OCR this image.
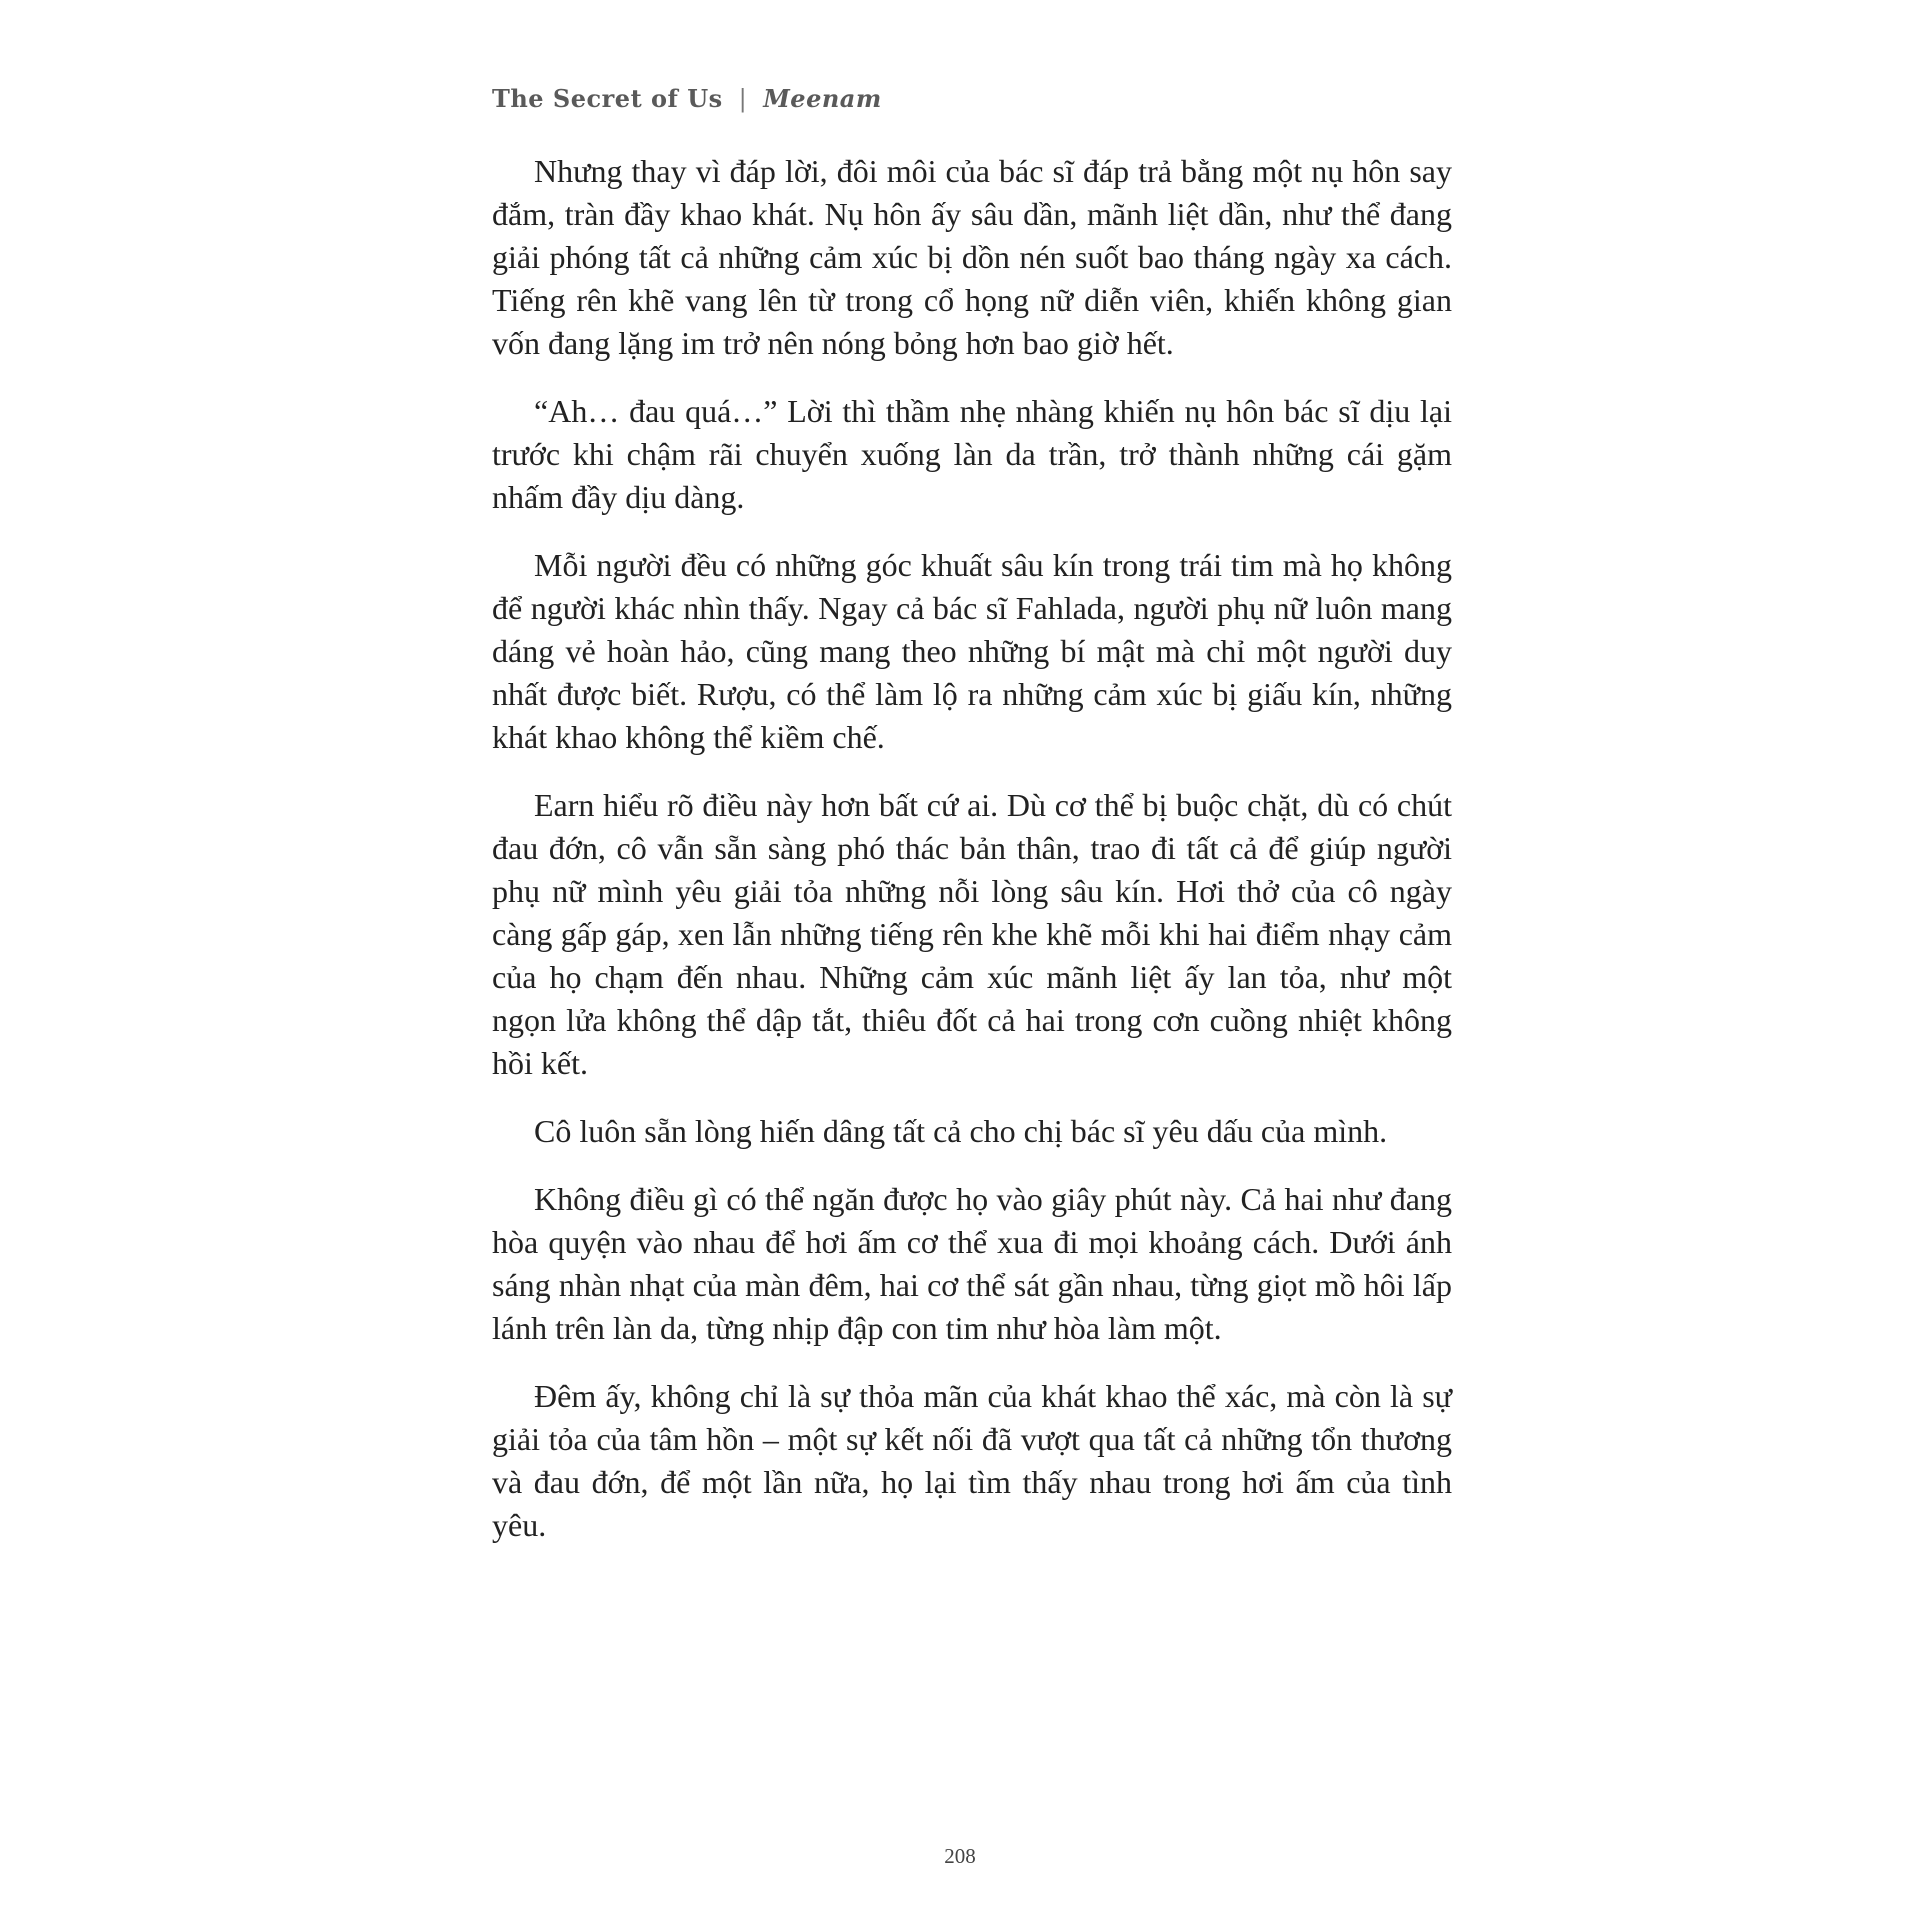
The Secret of Us | Meenam

Nhưng thay vì đáp lời, đôi môi của bác sĩ đáp trả bằng một nụ hôn say đắm, tràn đầy khao khát. Nụ hôn ấy sâu dần, mãnh liệt dần, như thể đang giải phóng tất cả những cảm xúc bị dồn nén suốt bao tháng ngày xa cách. Tiếng rên khẽ vang lên từ trong cổ họng nữ diễn viên, khiến không gian vốn đang lặng im trở nên nóng bỏng hơn bao giờ hết.

“Ah… đau quá…” Lời thì thầm nhẹ nhàng khiến nụ hôn bác sĩ dịu lại trước khi chậm rãi chuyển xuống làn da trần, trở thành những cái gặm nhấm đầy dịu dàng.

Mỗi người đều có những góc khuất sâu kín trong trái tim mà họ không để người khác nhìn thấy. Ngay cả bác sĩ Fahlada, người phụ nữ luôn mang dáng vẻ hoàn hảo, cũng mang theo những bí mật mà chỉ một người duy nhất được biết. Rượu, có thể làm lộ ra những cảm xúc bị giấu kín, những khát khao không thể kiềm chế.

Earn hiểu rõ điều này hơn bất cứ ai. Dù cơ thể bị buộc chặt, dù có chút đau đớn, cô vẫn sẵn sàng phó thác bản thân, trao đi tất cả để giúp người phụ nữ mình yêu giải tỏa những nỗi lòng sâu kín. Hơi thở của cô ngày càng gấp gáp, xen lẫn những tiếng rên khe khẽ mỗi khi hai điểm nhạy cảm của họ chạm đến nhau. Những cảm xúc mãnh liệt ấy lan tỏa, như một ngọn lửa không thể dập tắt, thiêu đốt cả hai trong cơn cuồng nhiệt không hồi kết.

Cô luôn sẵn lòng hiến dâng tất cả cho chị bác sĩ yêu dấu của mình.

Không điều gì có thể ngăn được họ vào giây phút này. Cả hai như đang hòa quyện vào nhau để hơi ấm cơ thể xua đi mọi khoảng cách. Dưới ánh sáng nhàn nhạt của màn đêm, hai cơ thể sát gần nhau, từng giọt mồ hôi lấp lánh trên làn da, từng nhịp đập con tim như hòa làm một.

Đêm ấy, không chỉ là sự thỏa mãn của khát khao thể xác, mà còn là sự giải tỏa của tâm hồn – một sự kết nối đã vượt qua tất cả những tổn thương và đau đớn, để một lần nữa, họ lại tìm thấy nhau trong hơi ấm của tình yêu.

208
